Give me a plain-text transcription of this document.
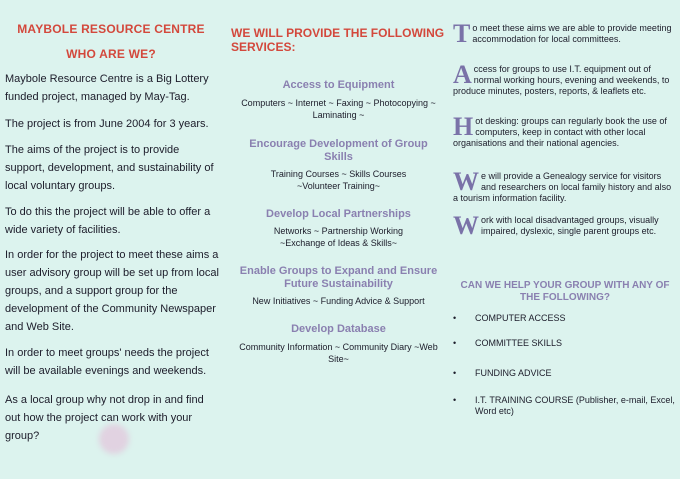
MAYBOLE RESOURCE CENTRE
WHO ARE WE?
Maybole Resource Centre is a Big Lottery funded project, managed by May-Tag.
The project is from June 2004 for 3 years.
The aims of the project is to provide support, development, and sustainability of local voluntary groups.
To do this the project will be able to offer a wide variety of facilities.
In order for the project to meet these aims a user advisory group will be set up from local groups, and a support group for the development of the Community Newspaper and Web Site.
In order to meet groups' needs the project will be available evenings and weekends.
As a local group why not drop in and find out how the project can work with your group?
WE WILL PROVIDE THE FOLLOWING SERVICES:
Access to Equipment
Computers ~ Internet ~ Faxing ~ Photocopying ~ Laminating ~
Encourage Development of Group Skills
Training Courses ~ Skills Courses ~Volunteer Training~
Develop Local Partnerships
Networks ~ Partnership Working ~Exchange of Ideas & Skills~
Enable Groups to Expand and Ensure Future Sustainability
New Initiatives ~ Funding Advice & Support
Develop Database
Community Information ~ Community Diary ~Web Site~
To meet these aims we are able to provide meeting accommodation for local committees.
Access for groups to use I.T. equipment out of normal working hours, evening and weekends, to produce minutes, posters, reports, & leaflets etc.
Hot desking: groups can regularly book the use of computers, keep in contact with other local organisations and their national agencies.
We will provide a Genealogy service for visitors and researchers on local family history and also a tourism information facility.
Work with local disadvantaged groups, visually impaired, dyslexic, single parent groups etc.
CAN WE HELP YOUR GROUP WITH ANY OF THE FOLLOWING?
• COMPUTER ACCESS
• COMMITTEE SKILLS
• FUNDING ADVICE
• I.T. TRAINING COURSE (Publisher, e-mail, Excel, Word etc)
